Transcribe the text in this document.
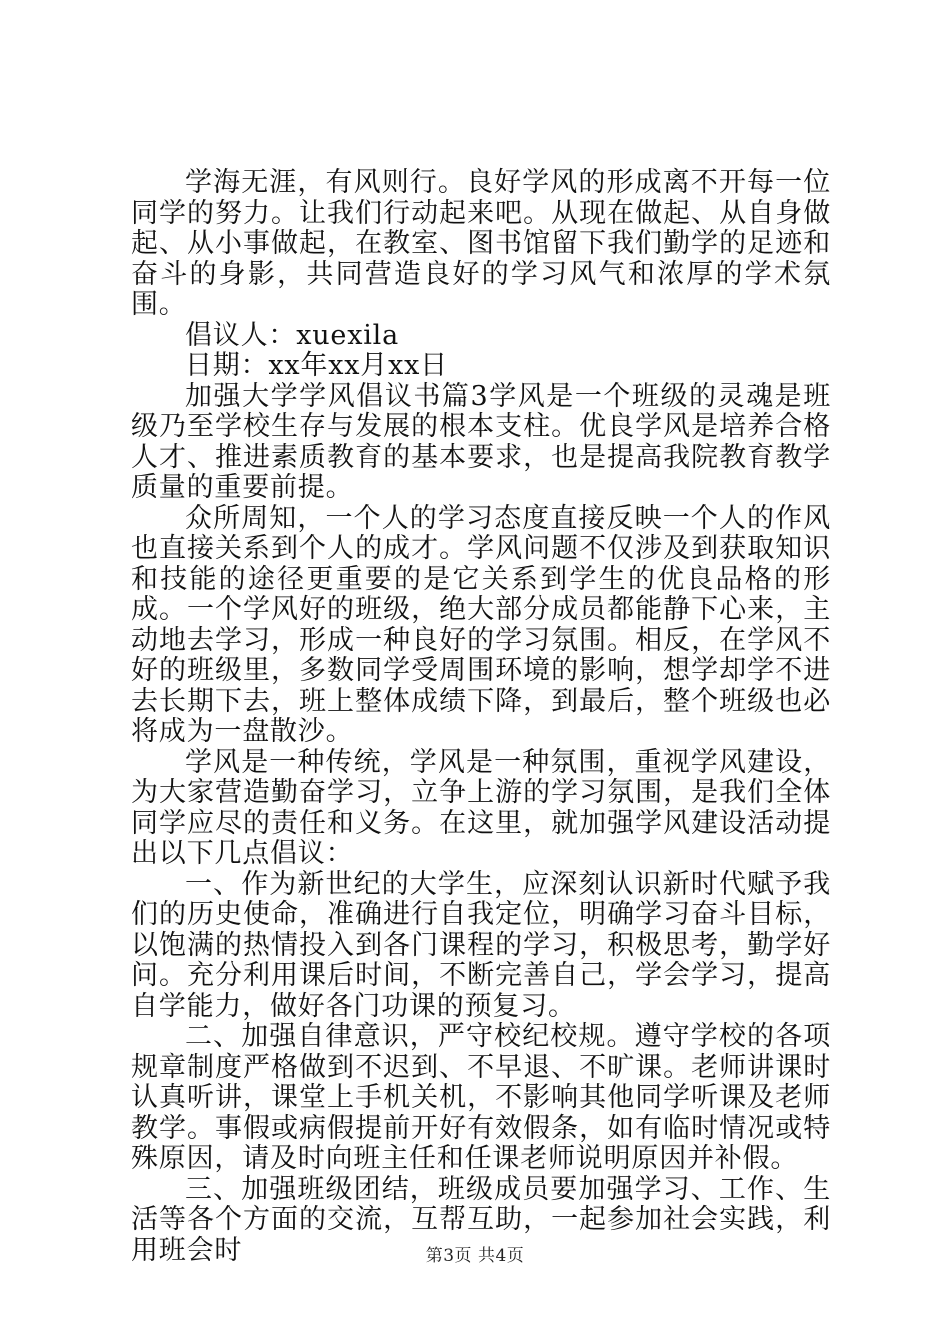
学海无涯，有风则行。良好学风的形成离不开每一位同学的努力。让我们行动起来吧。从现在做起、从自身做起、从小事做起，在教室、图书馆留下我们勤学的足迹和奋斗的身影，共同营造良好的学习风气和浓厚的学术氛围。

倡议人：xuexila

日期：xx年xx月xx日

加强大学学风倡议书篇3学风是一个班级的灵魂是班级乃至学校生存与发展的根本支柱。优良学风是培养合格人才、推进素质教育的基本要求，也是提高我院教育教学质量的重要前提。

众所周知，一个人的学习态度直接反映一个人的作风也直接关系到个人的成才。学风问题不仅涉及到获取知识和技能的途径更重要的是它关系到学生的优良品格的形成。一个学风好的班级，绝大部分成员都能静下心来，主动地去学习，形成一种良好的学习氛围。相反，在学风不好的班级里，多数同学受周围环境的影响，想学却学不进去长期下去，班上整体成绩下降，到最后，整个班级也必将成为一盘散沙。

学风是一种传统，学风是一种氛围，重视学风建设，为大家营造勤奋学习，立争上游的学习氛围，是我们全体同学应尽的责任和义务。在这里，就加强学风建设活动提出以下几点倡议：

一、作为新世纪的大学生，应深刻认识新时代赋予我们的历史使命，准确进行自我定位，明确学习奋斗目标，以饱满的热情投入到各门课程的学习，积极思考，勤学好问。充分利用课后时间，不断完善自己，学会学习，提高自学能力，做好各门功课的预复习。

二、加强自律意识，严守校纪校规。遵守学校的各项规章制度严格做到不迟到、不早退、不旷课。老师讲课时认真听讲，课堂上手机关机，不影响其他同学听课及老师教学。事假或病假提前开好有效假条，如有临时情况或特殊原因，请及时向班主任和任课老师说明原因并补假。

三、加强班级团结，班级成员要加强学习、工作、生活等各个方面的交流，互帮互助，一起参加社会实践，利用班会时	第3页 共4页
